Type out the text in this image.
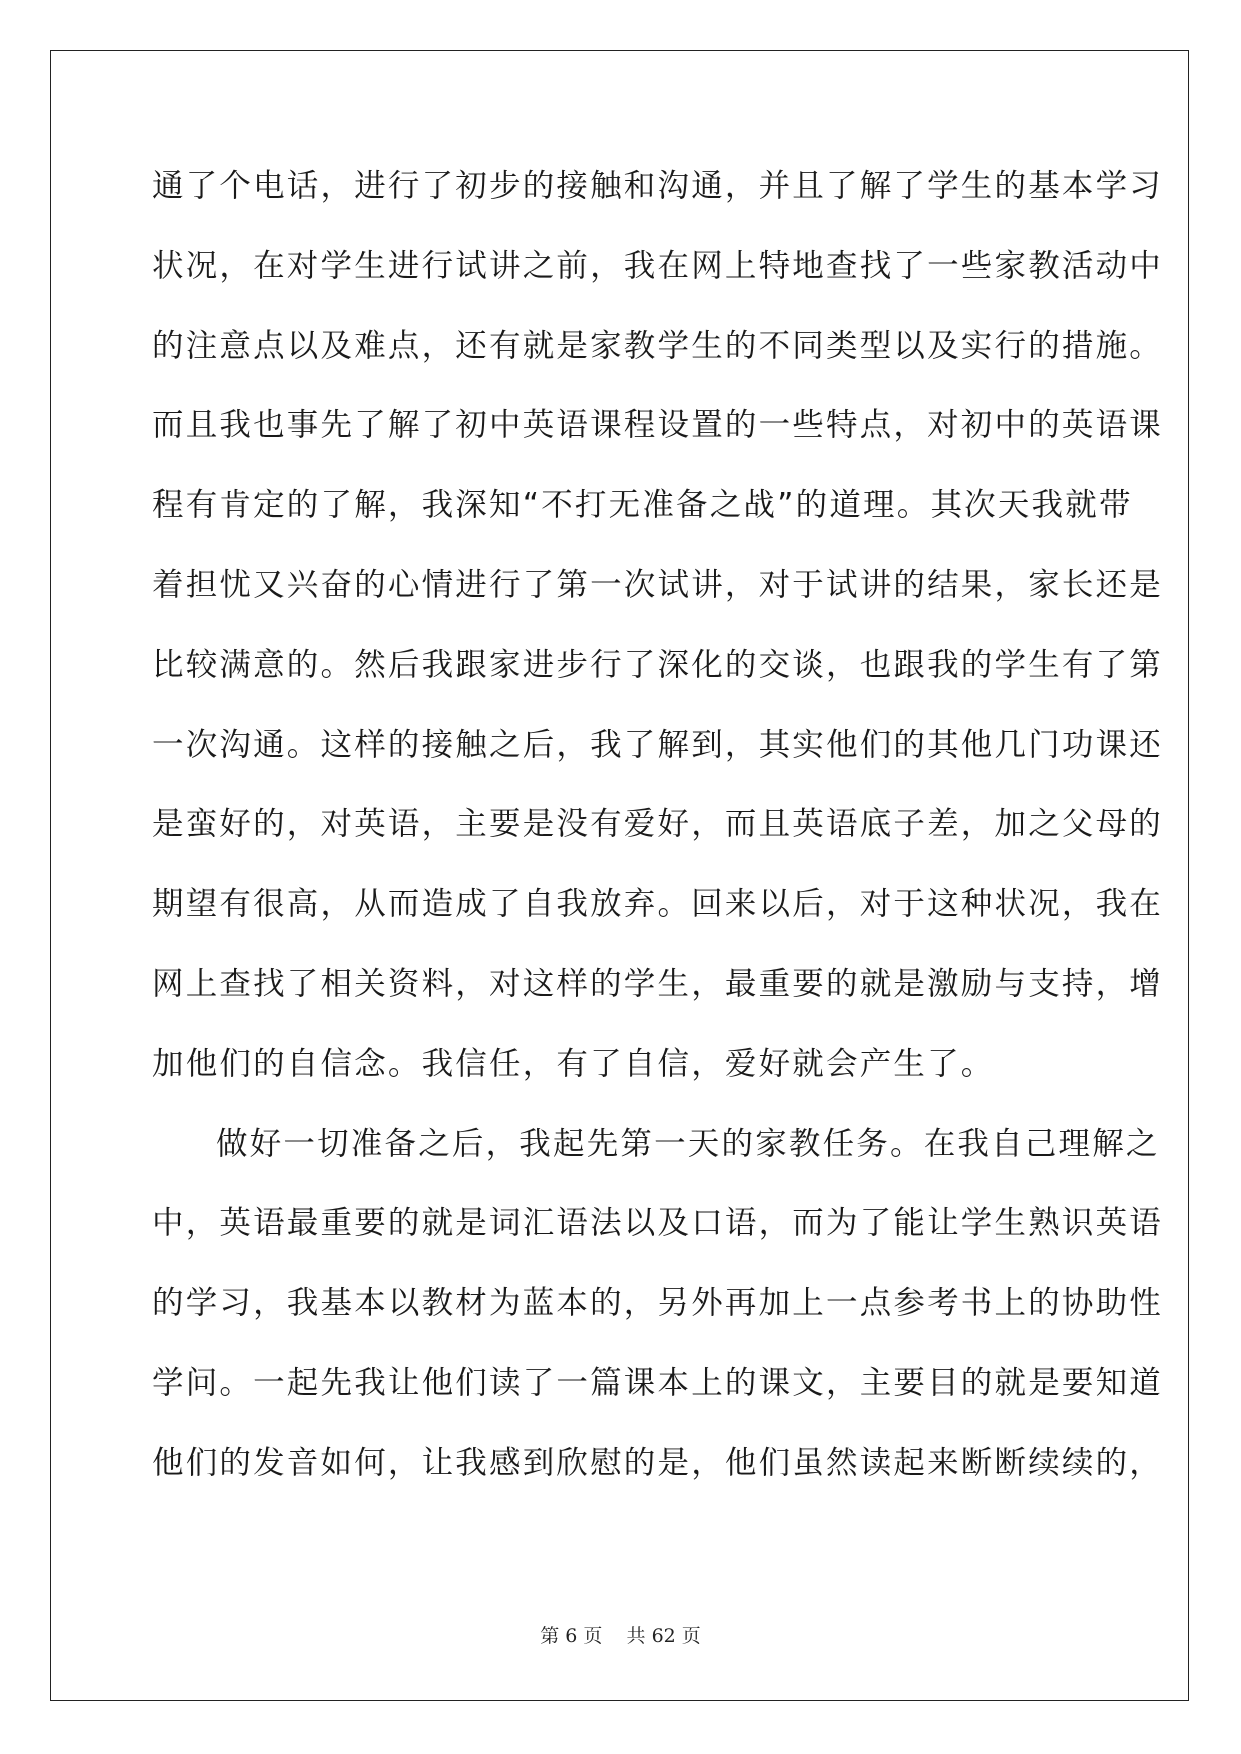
通了个电话，进行了初步的接触和沟通，并且了解了学生的基本学习
状况，在对学生进行试讲之前，我在网上特地查找了一些家教活动中
的注意点以及难点，还有就是家教学生的不同类型以及实行的措施。
而且我也事先了解了初中英语课程设置的一些特点，对初中的英语课
程有肯定的了解，我深知“不打无准备之战”的道理。其次天我就带
着担忧又兴奋的心情进行了第一次试讲，对于试讲的结果，家长还是
比较满意的。然后我跟家进步行了深化的交谈，也跟我的学生有了第
一次沟通。这样的接触之后，我了解到，其实他们的其他几门功课还
是蛮好的，对英语，主要是没有爱好，而且英语底子差，加之父母的
期望有很高，从而造成了自我放弃。回来以后，对于这种状况，我在
网上查找了相关资料，对这样的学生，最重要的就是激励与支持，增
加他们的自信念。我信任，有了自信，爱好就会产生了。
做好一切准备之后，我起先第一天的家教任务。在我自己理解之
中，英语最重要的就是词汇语法以及口语，而为了能让学生熟识英语
的学习，我基本以教材为蓝本的，另外再加上一点参考书上的协助性
学问。一起先我让他们读了一篇课本上的课文，主要目的就是要知道
他们的发音如何，让我感到欣慰的是，他们虽然读起来断断续续的，
第 6 页    共 62 页
